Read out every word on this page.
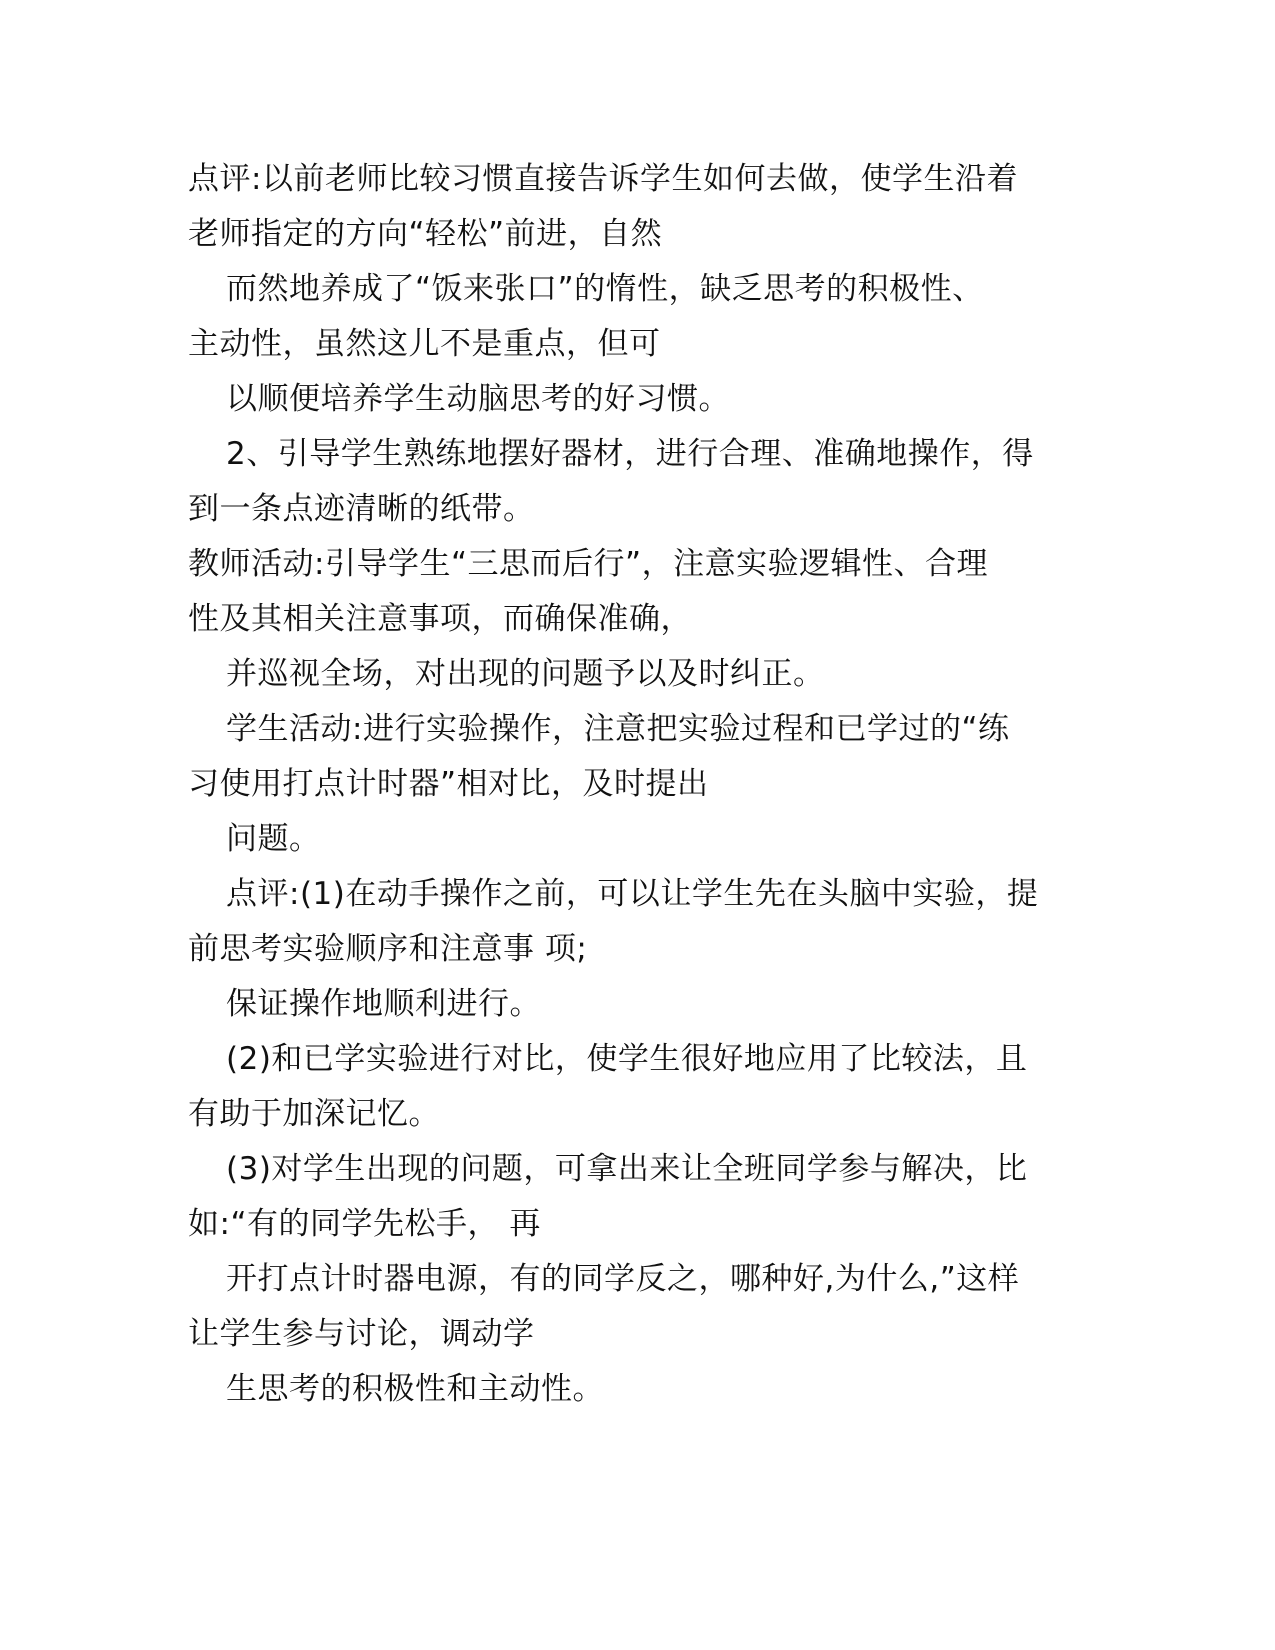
点评:以前老师比较习惯直接告诉学生如何去做，使学生沿着
老师指定的方向“轻松”前进，自然
而然地养成了“饭来张口”的惰性，缺乏思考的积极性、
主动性，虽然这儿不是重点，但可
以顺便培养学生动脑思考的好习惯。
2、引导学生熟练地摆好器材，进行合理、准确地操作，得
到一条点迹清晰的纸带。
教师活动:引导学生“三思而后行”，注意实验逻辑性、合理
性及其相关注意事项，而确保准确，
并巡视全场，对出现的问题予以及时纠正。
学生活动:进行实验操作，注意把实验过程和已学过的“练
习使用打点计时器”相对比，及时提出
问题。
点评:(1)在动手操作之前，可以让学生先在头脑中实验，提
前思考实验顺序和注意事 项;
保证操作地顺利进行。
(2)和已学实验进行对比，使学生很好地应用了比较法，且
有助于加深记忆。
(3)对学生出现的问题，可拿出来让全班同学参与解决，比
如:“有的同学先松手， 再
开打点计时器电源，有的同学反之，哪种好,为什么,”这样
让学生参与讨论，调动学
生思考的积极性和主动性。
